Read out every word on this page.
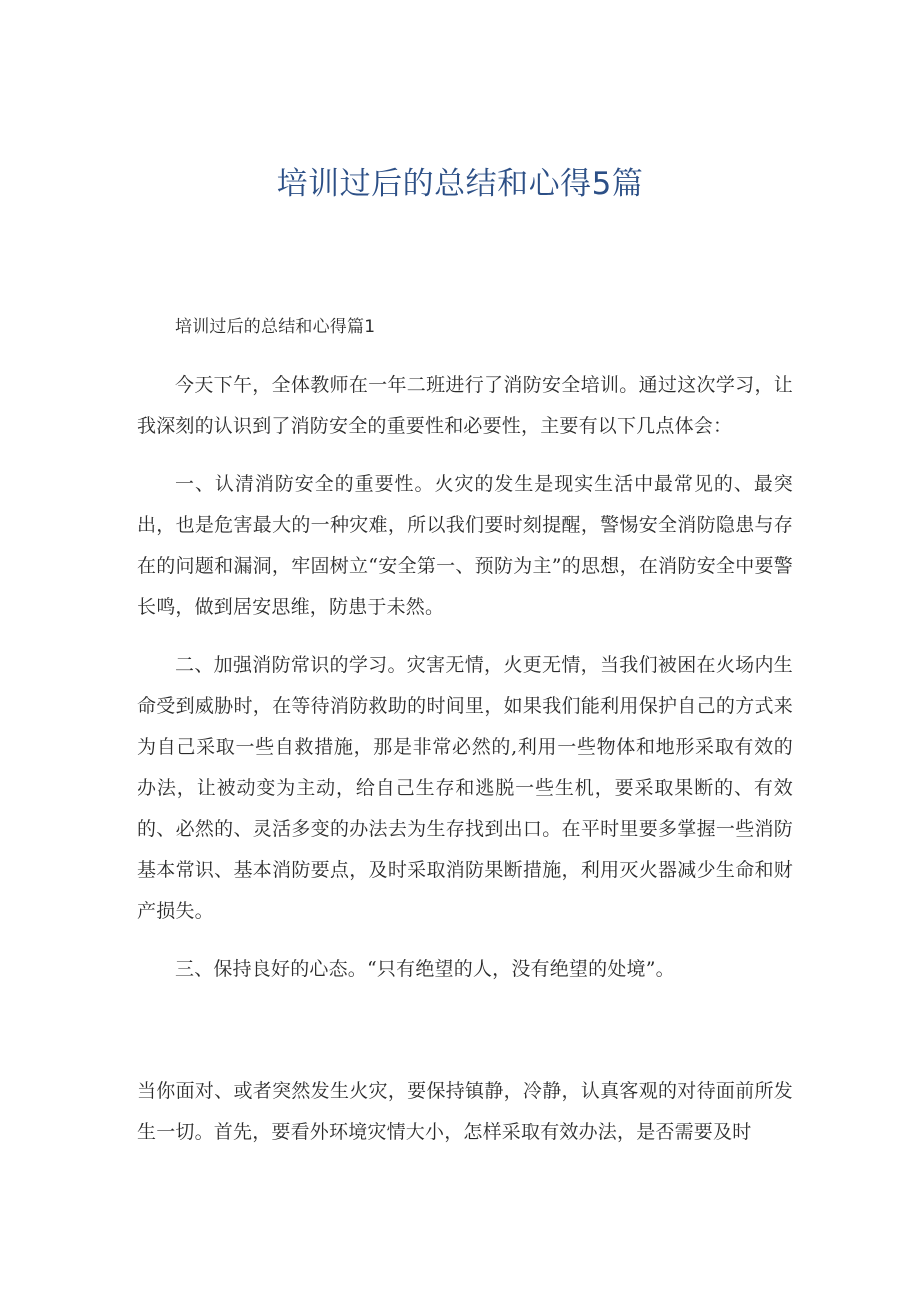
培训过后的总结和心得5篇

培训过后的总结和心得篇1

今天下午，全体教师在一年二班进行了消防安全培训。通过这次学习，让我深刻的认识到了消防安全的重要性和必要性，主要有以下几点体会：

一、认清消防安全的重要性。火灾的发生是现实生活中最常见的、最突出，也是危害最大的一种灾难，所以我们要时刻提醒，警惕安全消防隐患与存在的问题和漏洞，牢固树立“安全第一、预防为主”的思想，在消防安全中要警长鸣，做到居安思维，防患于未然。

二、加强消防常识的学习。灾害无情，火更无情，当我们被困在火场内生命受到威胁时，在等待消防救助的时间里，如果我们能利用保护自己的方式来为自己采取一些自救措施，那是非常必然的,利用一些物体和地形采取有效的办法，让被动变为主动，给自己生存和逃脱一些生机，要采取果断的、有效的、必然的、灵活多变的办法去为生存找到出口。在平时里要多掌握一些消防基本常识、基本消防要点，及时采取消防果断措施，利用灭火器减少生命和财产损失。

三、保持良好的心态。“只有绝望的人，没有绝望的处境”。

当你面对、或者突然发生火灾，要保持镇静，冷静，认真客观的对待面前所发生一切。首先，要看外环境灾情大小，怎样采取有效办法，是否需要及时
